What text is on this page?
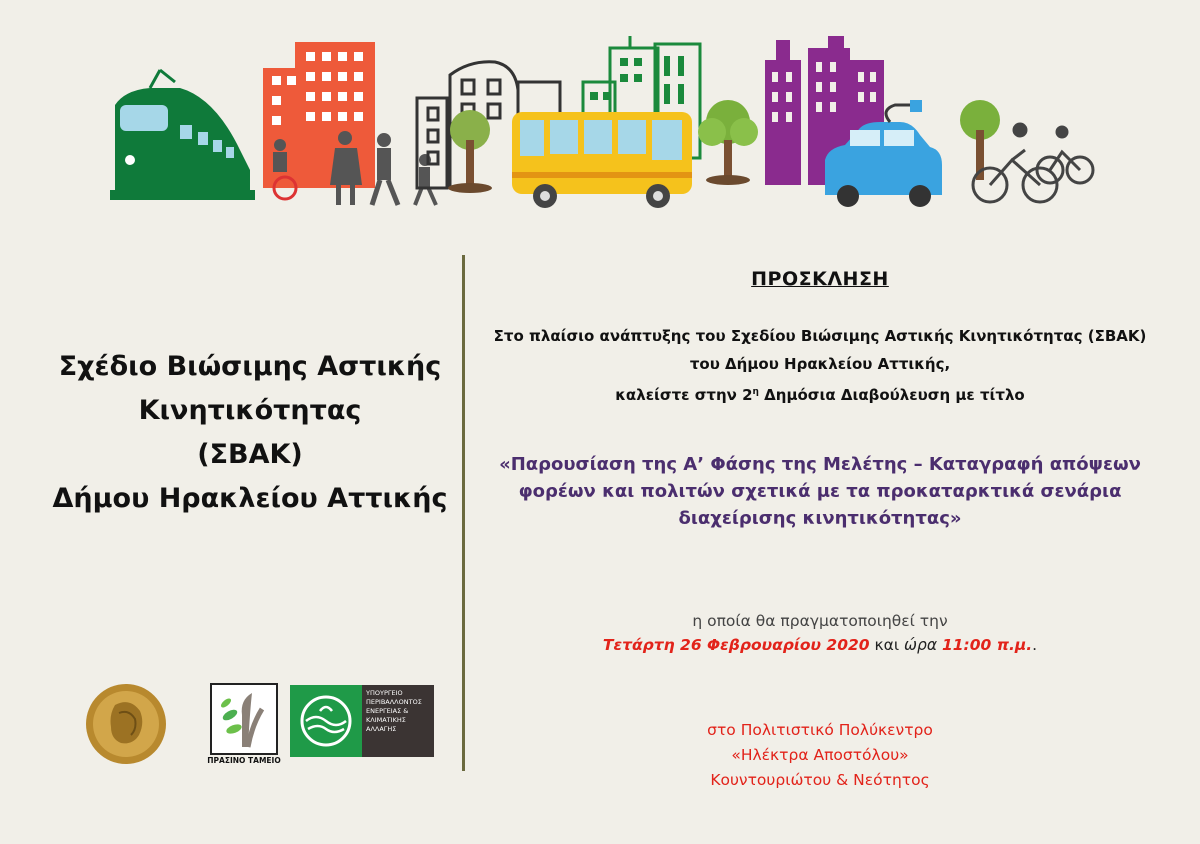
Σχέδιο Βιώσιμης Αστικής
Κινητικότητας
(ΣΒΑΚ)
Δήμου Ηρακλείου Αττικής
ΠΡΟΣΚΛΗΣΗ
Στο πλαίσιο ανάπτυξης του Σχεδίου Βιώσιμης Αστικής Κινητικότητας (ΣΒΑΚ)
του Δήμου Ηρακλείου Αττικής,
καλείστε στην $2^\eta$ Δημόσια Διαβούλευση με τίτλο
«Παρουσίαση της Α’ Φάσης της Μελέτης – Καταγραφή απόψεων
φορέων και πολιτών σχετικά με τα προκαταρκτικά σενάρια
διαχείρισης κινητικότητας»
η οποία θα πραγματοποιηθεί την
Τετάρτη 26 Φεβρουαρίου 2020 και ώρα 11:00 π.μ..
στο Πολιτιστικό Πολύκεντρο
«Ηλέκτρα Αποστόλου»
Κουντουριώτου & Νεότητος
ΠΡΑΣΙΝΟ ΤΑΜΕΙΟ
ΥΠΟΥΡΓΕΙΟ
ΠΕΡΙΒΑΛΛΟΝΤΟΣ
ΕΝΕΡΓΕΙΑΣ &
ΚΛΙΜΑΤΙΚΗΣ
ΑΛΛΑΓΗΣ
